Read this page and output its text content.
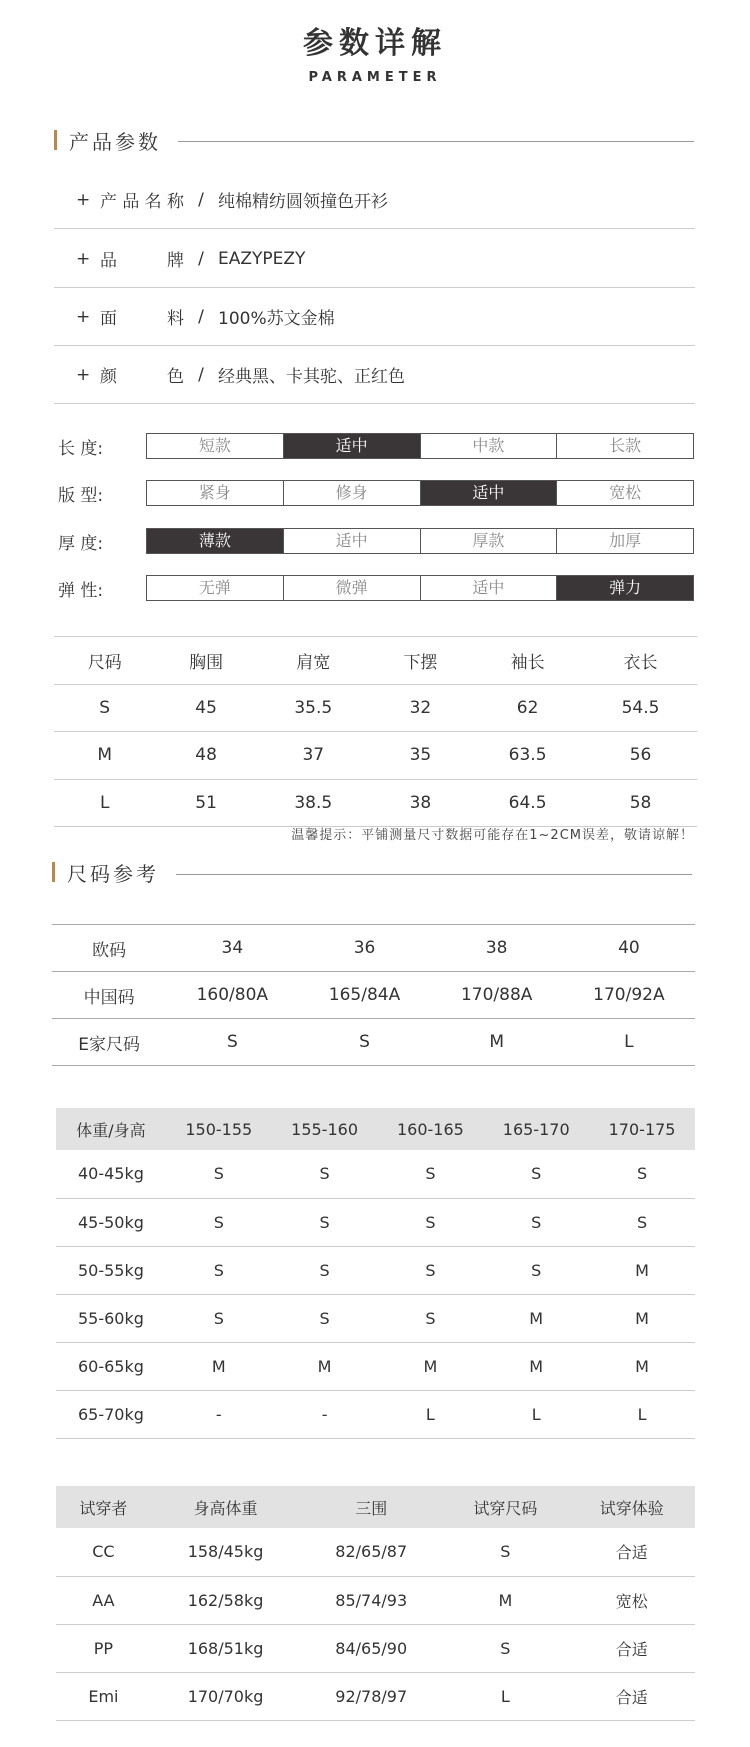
参数详解
PARAMETER
产品参数
+ 产品名称 / 纯棉精纺圆领撞色开衫
+ 品牌 / EAZYPEZY
+ 面料 / 100%苏文金棉
+ 颜色 / 经典黑、卡其驼、正红色
长 度:	短款	适中	中款	长款
版 型:	紧身	修身	适中	宽松
厚 度:	薄款	适中	厚款	加厚
弹 性:	无弹	微弹	适中	弹力
尺码	胸围	肩宽	下摆	袖长	衣长
S	45	35.5	32	62	54.5
M	48	37	35	63.5	56
L	51	38.5	38	64.5	58
温馨提示：平铺测量尺寸数据可能存在1~2CM误差，敬请谅解！
尺码参考
欧码	34	36	38	40
中国码	160/80A	165/84A	170/88A	170/92A
E家尺码	S	S	M	L
体重/身高	150-155	155-160	160-165	165-170	170-175
40-45kg	S	S	S	S	S
45-50kg	S	S	S	S	S
50-55kg	S	S	S	S	M
55-60kg	S	S	S	M	M
60-65kg	M	M	M	M	M
65-70kg	-	-	L	L	L
试穿者	身高体重	三围	试穿尺码	试穿体验
CC	158/45kg	82/65/87	S	合适
AA	162/58kg	85/74/93	M	宽松
PP	168/51kg	84/65/90	S	合适
Emi	170/70kg	92/78/97	L	合适
